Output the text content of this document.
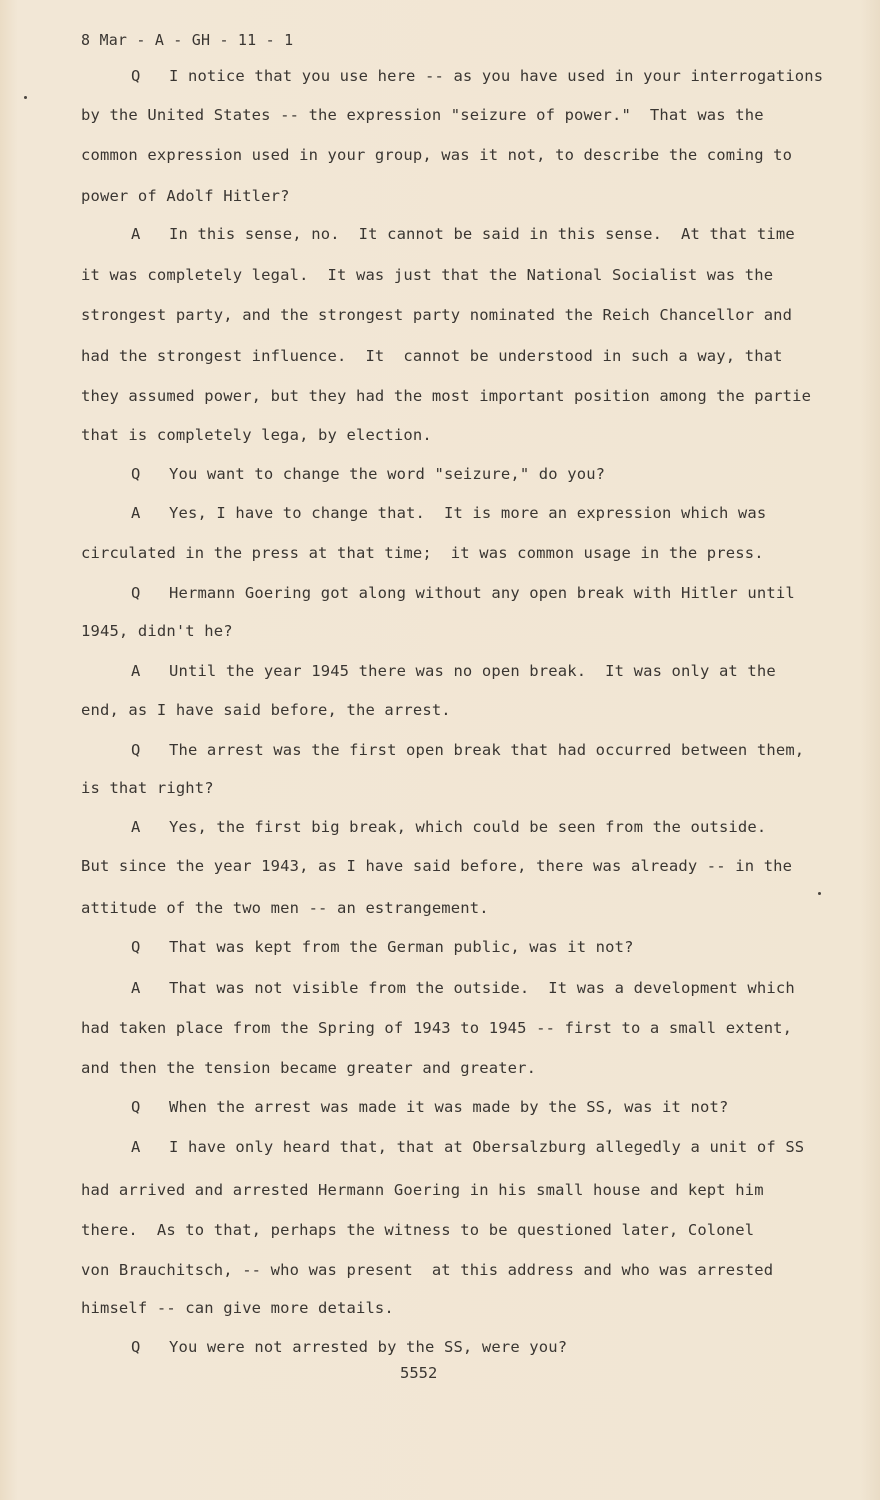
8 Mar - A - GH - 11 - 1
Q I notice that you use here -- as you have used in your interrogations
by the United States -- the expression "seizure of power."  That was the
common expression used in your group, was it not, to describe the coming to
power of Adolf Hitler?
A In this sense, no.  It cannot be said in this sense.  At that time
it was completely legal.  It was just that the National Socialist was the
strongest party, and the strongest party nominated the Reich Chancellor and
had the strongest influence.  It  cannot be understood in such a way, that
they assumed power, but they had the most important position among the partie
that is completely lega, by election.
Q You want to change the word "seizure," do you?
A Yes, I have to change that.  It is more an expression which was
circulated in the press at that time;  it was common usage in the press.
Q Hermann Goering got along without any open break with Hitler until
1945, didn't he?
A Until the year 1945 there was no open break.  It was only at the
end, as I have said before, the arrest.
Q The arrest was the first open break that had occurred between them,
is that right?
A Yes, the first big break, which could be seen from the outside.
But since the year 1943, as I have said before, there was already -- in the
attitude of the two men -- an estrangement.
Q That was kept from the German public, was it not?
A That was not visible from the outside.  It was a development which
had taken place from the Spring of 1943 to 1945 -- first to a small extent,
and then the tension became greater and greater.
Q When the arrest was made it was made by the SS, was it not?
A I have only heard that, that at Obersalzburg allegedly a unit of SS
had arrived and arrested Hermann Goering in his small house and kept him
there.  As to that, perhaps the witness to be questioned later, Colonel
von Brauchitsch, -- who was present  at this address and who was arrested
himself -- can give more details.
Q You were not arrested by the SS, were you?
5552
